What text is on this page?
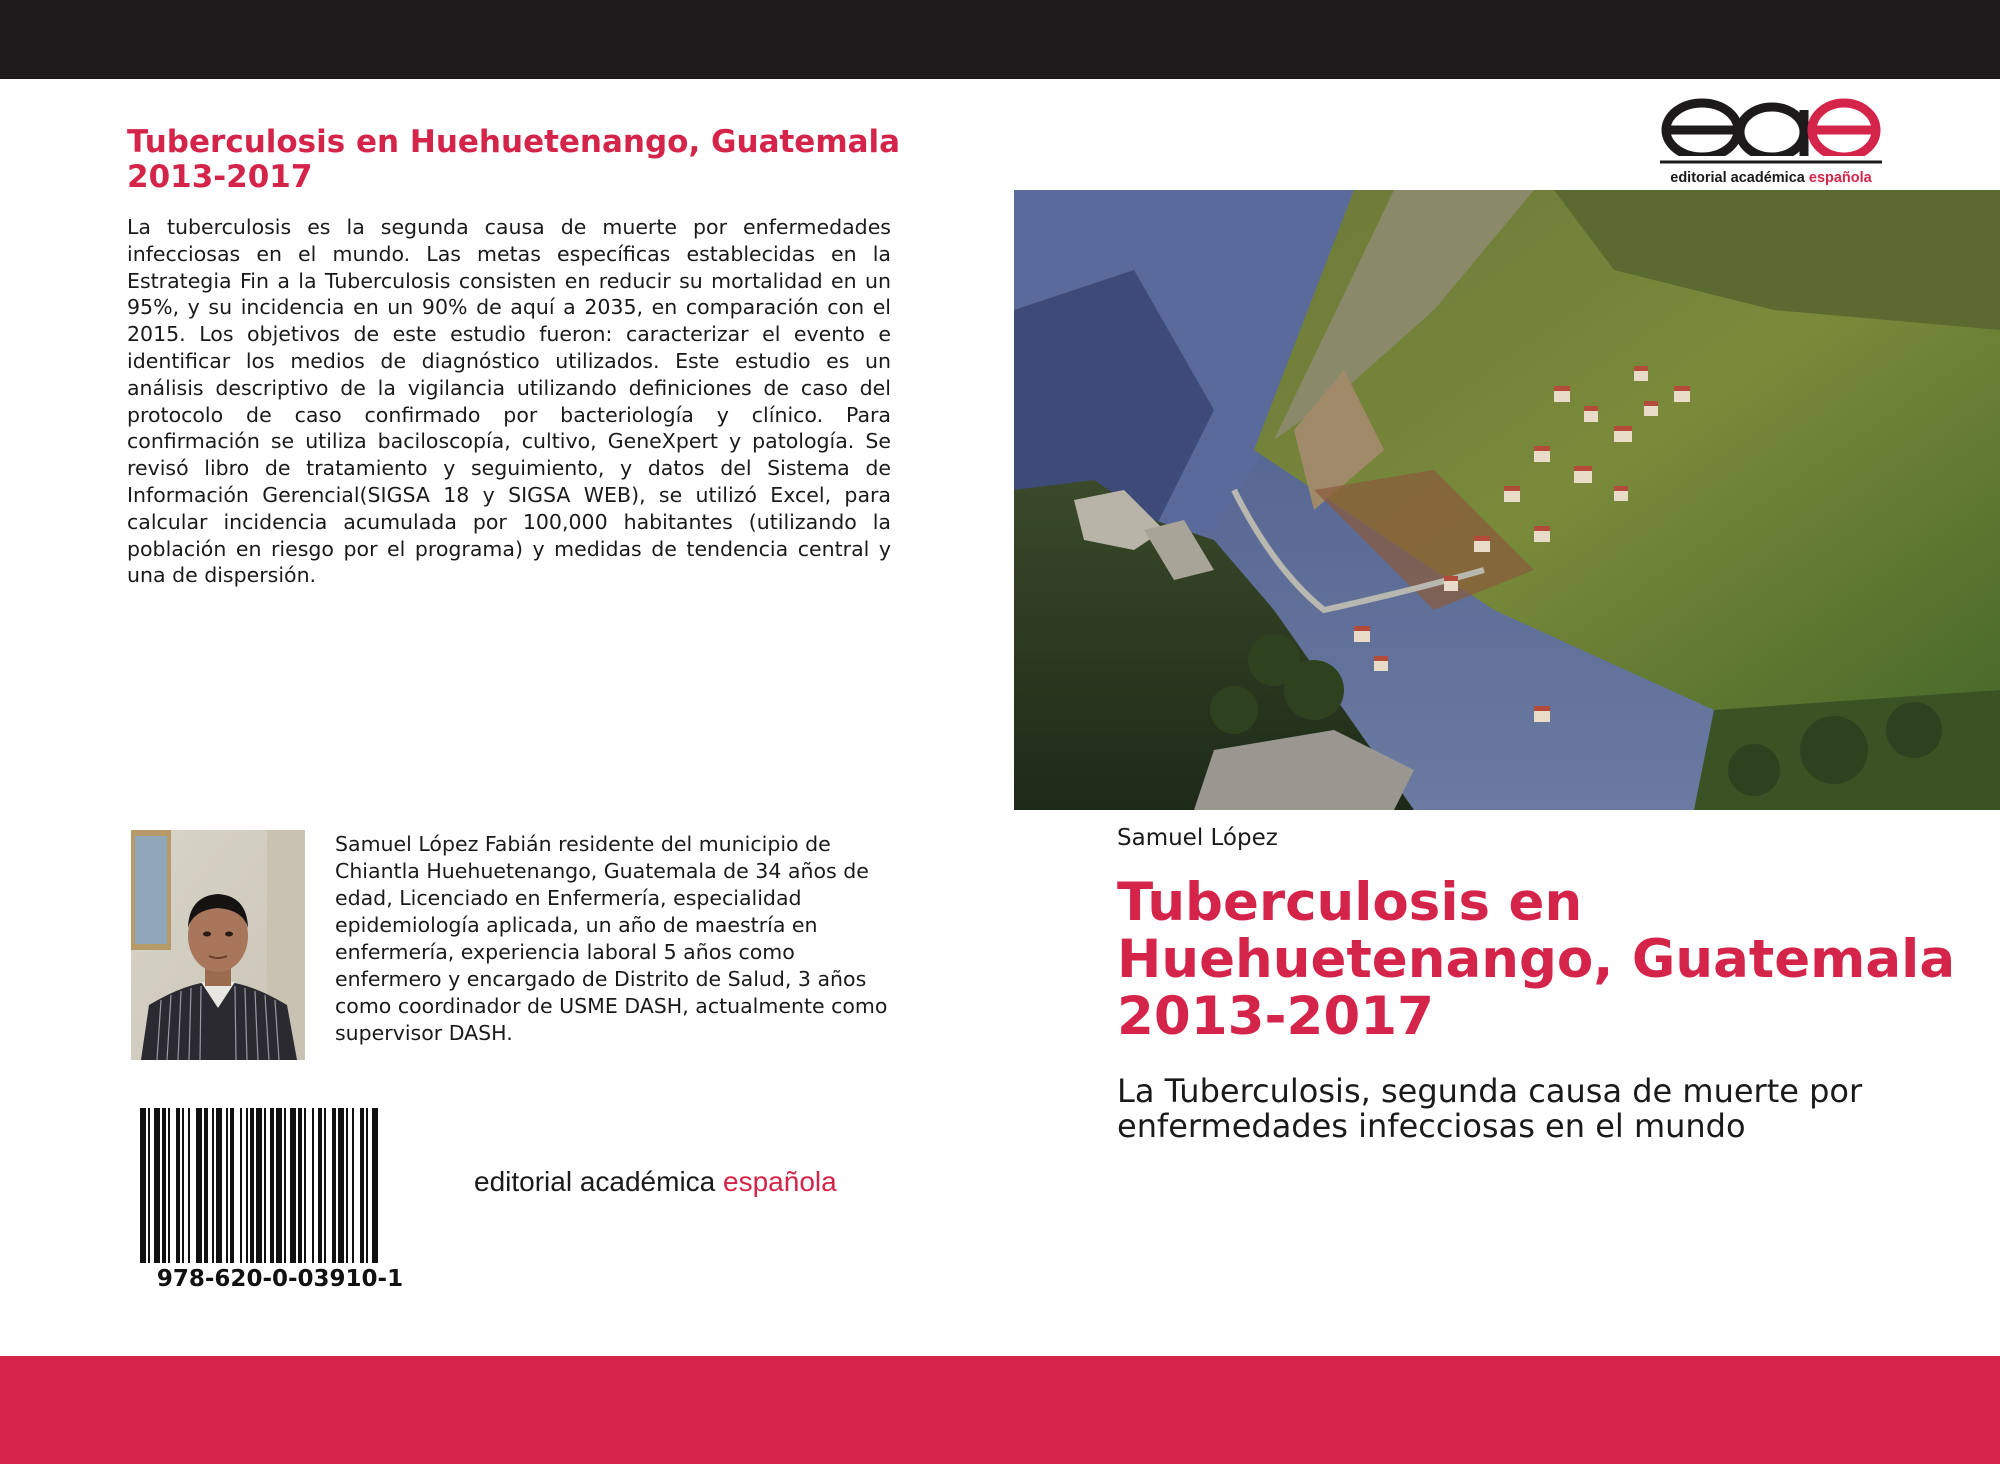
Tuberculosis en Huehuetenango, Guatemala 2013-2017

La tuberculosis es la segunda causa de muerte por enfermedades infecciosas en el mundo. Las metas específicas establecidas en la Estrategia Fin a la Tuberculosis consisten en reducir su mortalidad en un 95%, y su incidencia en un 90% de aquí a 2035, en comparación con el 2015. Los objetivos de este estudio fueron: caracterizar el evento e identificar los medios de diagnóstico utilizados. Este estudio es un análisis descriptivo de la vigilancia utilizando definiciones de caso del protocolo de caso confirmado por bacteriología y clínico. Para confirmación se utiliza baciloscopía, cultivo, GeneXpert y patología. Se revisó libro de tratamiento y seguimiento, y datos del Sistema de Información Gerencial(SIGSA 18 y SIGSA WEB), se utilizó Excel, para calcular incidencia acumulada por 100,000 habitantes (utilizando la población en riesgo por el programa) y medidas de tendencia central y una de dispersión.

Samuel López Fabián residente del municipio de Chiantla Huehuetenango, Guatemala de 34 años de edad, Licenciado en Enfermería, especialidad epidemiología aplicada, un año de maestría en enfermería, experiencia laboral 5 años como enfermero y encargado de Distrito de Salud, 3 años como coordinador de USME DASH, actualmente como supervisor DASH.

978-620-0-03910-1
editorial académica española
editorial académica española
Samuel López
Tuberculosis en Huehuetenango, Guatemala 2013-2017

La Tuberculosis, segunda causa de muerte por enfermedades infecciosas en el mundo
